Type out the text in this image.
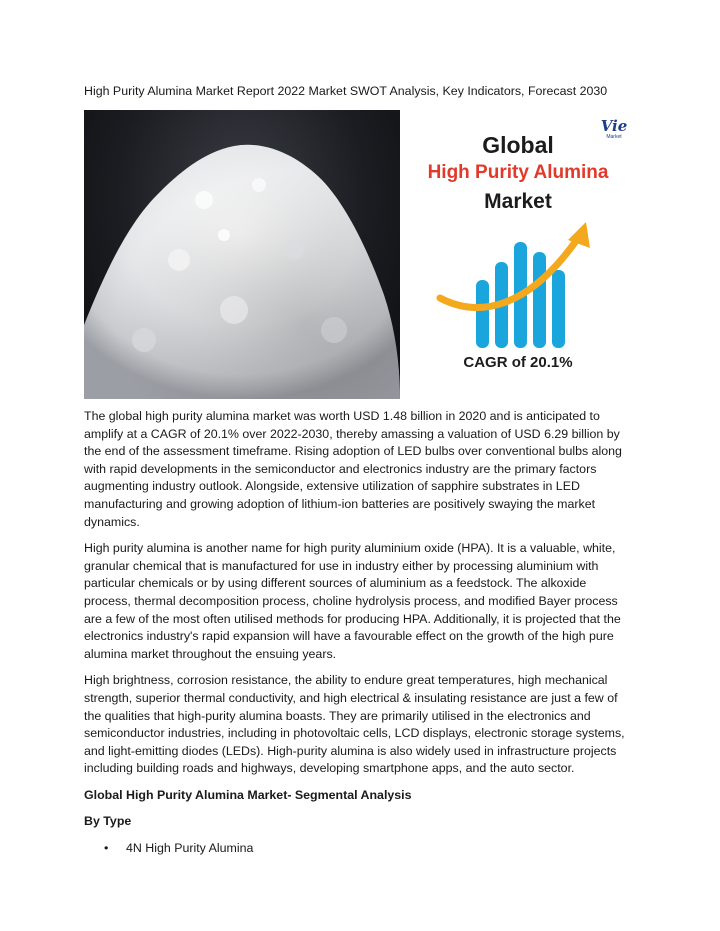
High Purity Alumina Market Report 2022 Market SWOT Analysis, Key Indicators, Forecast 2030
Vie
Market
Global
High Purity Alumina
Market
CAGR of 20.1%

The global high purity alumina market was worth USD 1.48 billion in 2020 and is anticipated to amplify at a CAGR of 20.1% over 2022-2030, thereby amassing a valuation of USD 6.29 billion by the end of the assessment timeframe. Rising adoption of LED bulbs over conventional bulbs along with rapid developments in the semiconductor and electronics industry are the primary factors augmenting industry outlook. Alongside, extensive utilization of sapphire substrates in LED manufacturing and growing adoption of lithium-ion batteries are positively swaying the market dynamics.

High purity alumina is another name for high purity aluminium oxide (HPA). It is a valuable, white, granular chemical that is manufactured for use in industry either by processing aluminium with particular chemicals or by using different sources of aluminium as a feedstock. The alkoxide process, thermal decomposition process, choline hydrolysis process, and modified Bayer process are a few of the most often utilised methods for producing HPA. Additionally, it is projected that the electronics industry's rapid expansion will have a favourable effect on the growth of the high pure alumina market throughout the ensuing years.

High brightness, corrosion resistance, the ability to endure great temperatures, high mechanical strength, superior thermal conductivity, and high electrical & insulating resistance are just a few of the qualities that high-purity alumina boasts. They are primarily utilised in the electronics and semiconductor industries, including in photovoltaic cells, LCD displays, electronic storage systems, and light-emitting diodes (LEDs). High-purity alumina is also widely used in infrastructure projects including building roads and highways, developing smartphone apps, and the auto sector.

Global High Purity Alumina Market- Segmental Analysis
By Type
• 4N High Purity Alumina
